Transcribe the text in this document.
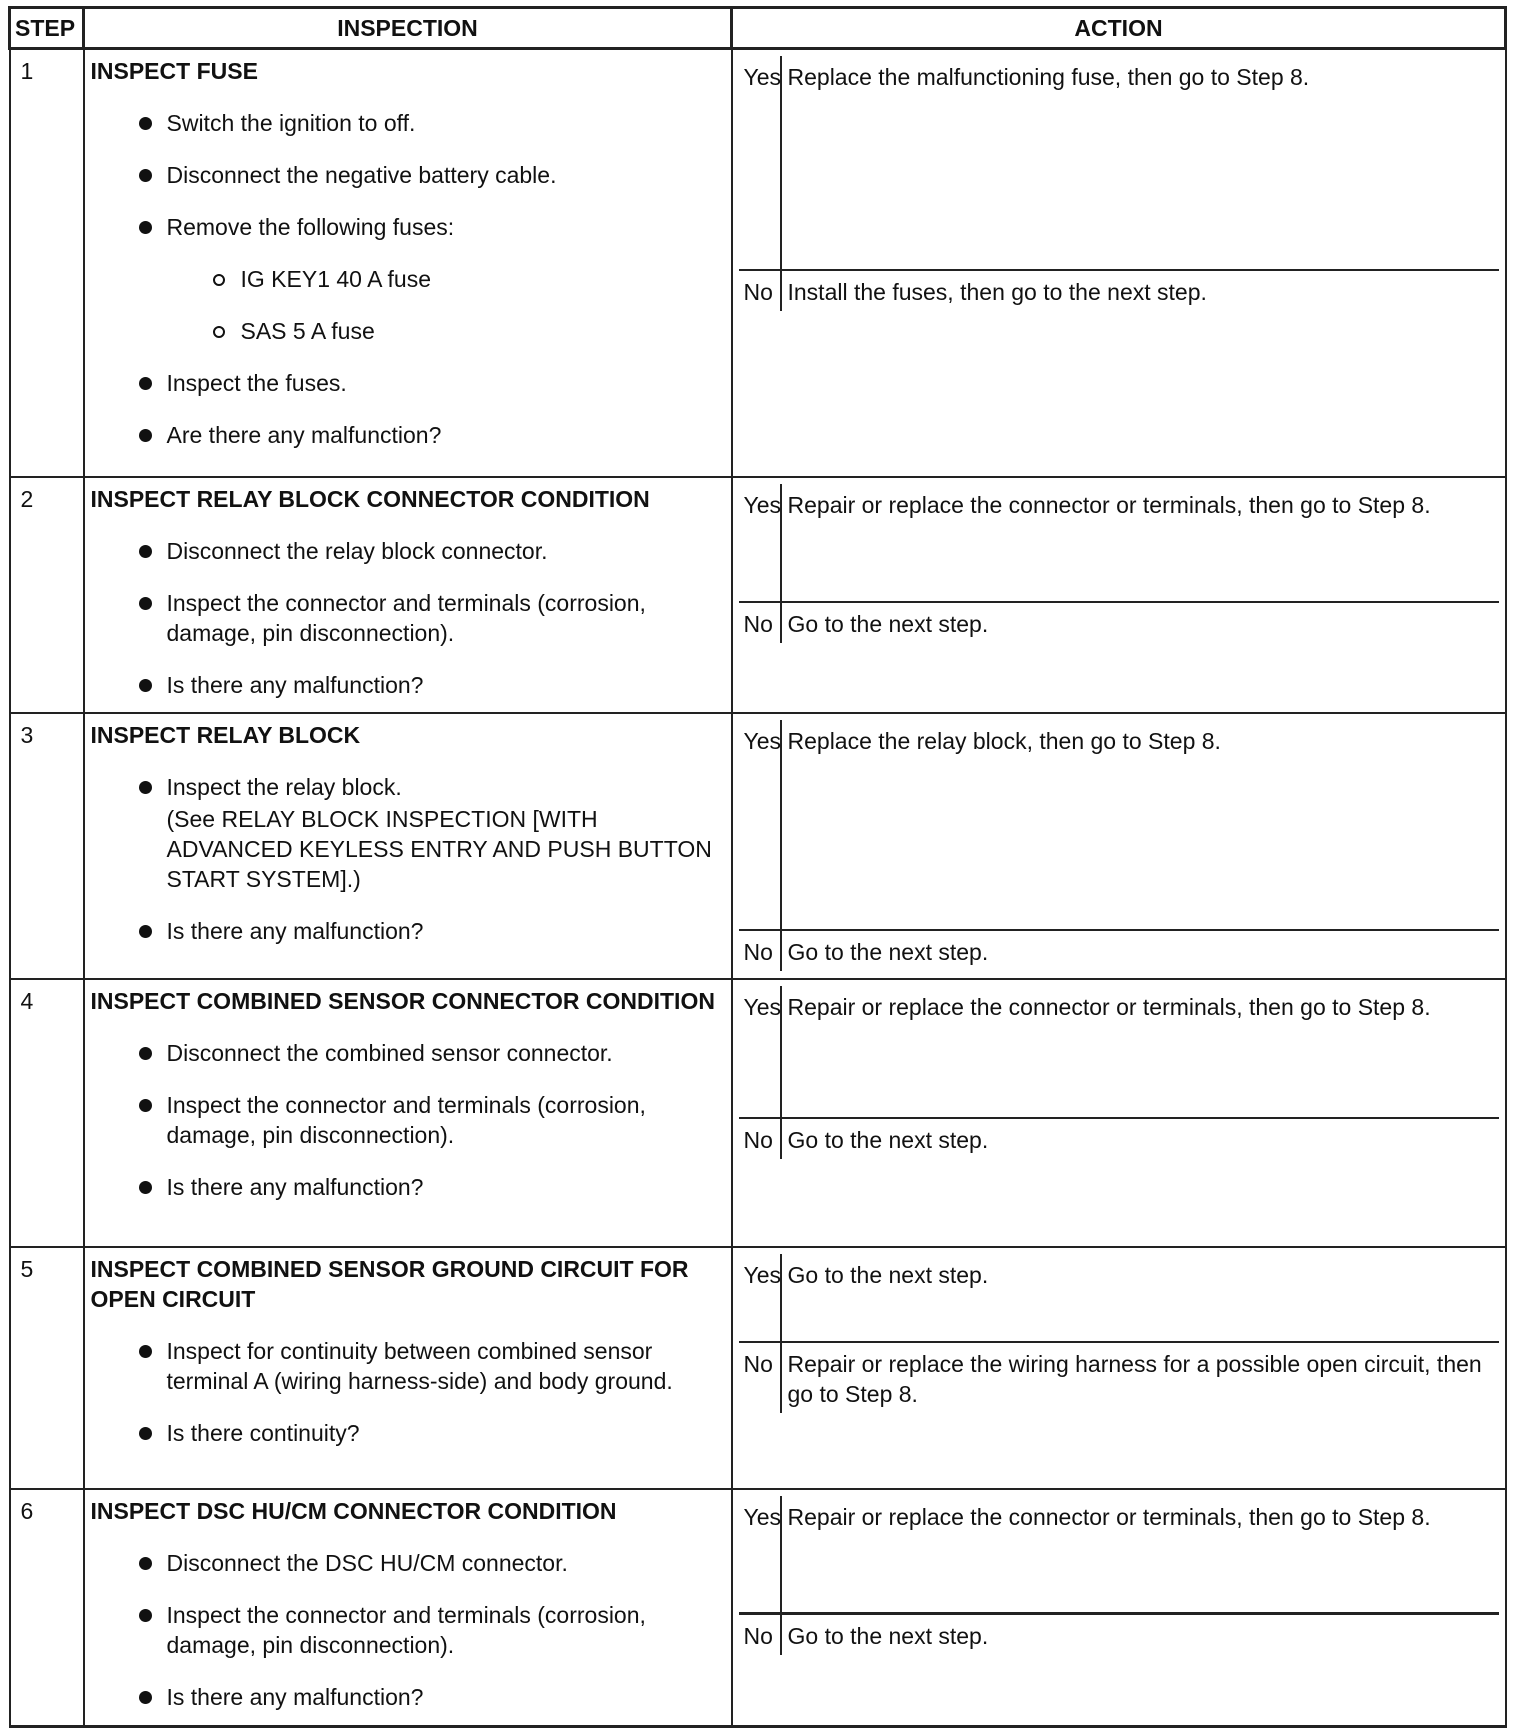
STEP	INSPECTION	ACTION
1	INSPECT FUSE
Switch the ignition to off.
Disconnect the negative battery cable.
Remove the following fuses:
IG KEY1 40 A fuse
SAS 5 A fuse
Inspect the fuses.
Are there any malfunction?

Yes	Replace the malfunctioning fuse, then go to Step 8.
No	Install the fuses, then go to the next step.

2	INSPECT RELAY BLOCK CONNECTOR CONDITION
Disconnect the relay block connector.
Inspect the connector and terminals (corrosion, damage, pin disconnection).
Is there any malfunction?

Yes	Repair or replace the connector or terminals, then go to Step 8.
No	Go to the next step.

3	INSPECT RELAY BLOCK
Inspect the relay block.
(See RELAY BLOCK INSPECTION [WITH ADVANCED KEYLESS ENTRY AND PUSH BUTTON START SYSTEM].)
Is there any malfunction?

Yes	Replace the relay block, then go to Step 8.
No	Go to the next step.

4	INSPECT COMBINED SENSOR CONNECTOR CONDITION
Disconnect the combined sensor connector.
Inspect the connector and terminals (corrosion, damage, pin disconnection).
Is there any malfunction?

Yes	Repair or replace the connector or terminals, then go to Step 8.
No	Go to the next step.

5	INSPECT COMBINED SENSOR GROUND CIRCUIT FOR OPEN CIRCUIT
Inspect for continuity between combined sensor terminal A (wiring harness-side) and body ground.
Is there continuity?

Yes	Go to the next step.
No	Repair or replace the wiring harness for a possible open circuit, then go to Step 8.

6	INSPECT DSC HU/CM CONNECTOR CONDITION
Disconnect the DSC HU/CM connector.
Inspect the connector and terminals (corrosion, damage, pin disconnection).
Is there any malfunction?

Yes	Repair or replace the connector or terminals, then go to Step 8.
No	Go to the next step.
